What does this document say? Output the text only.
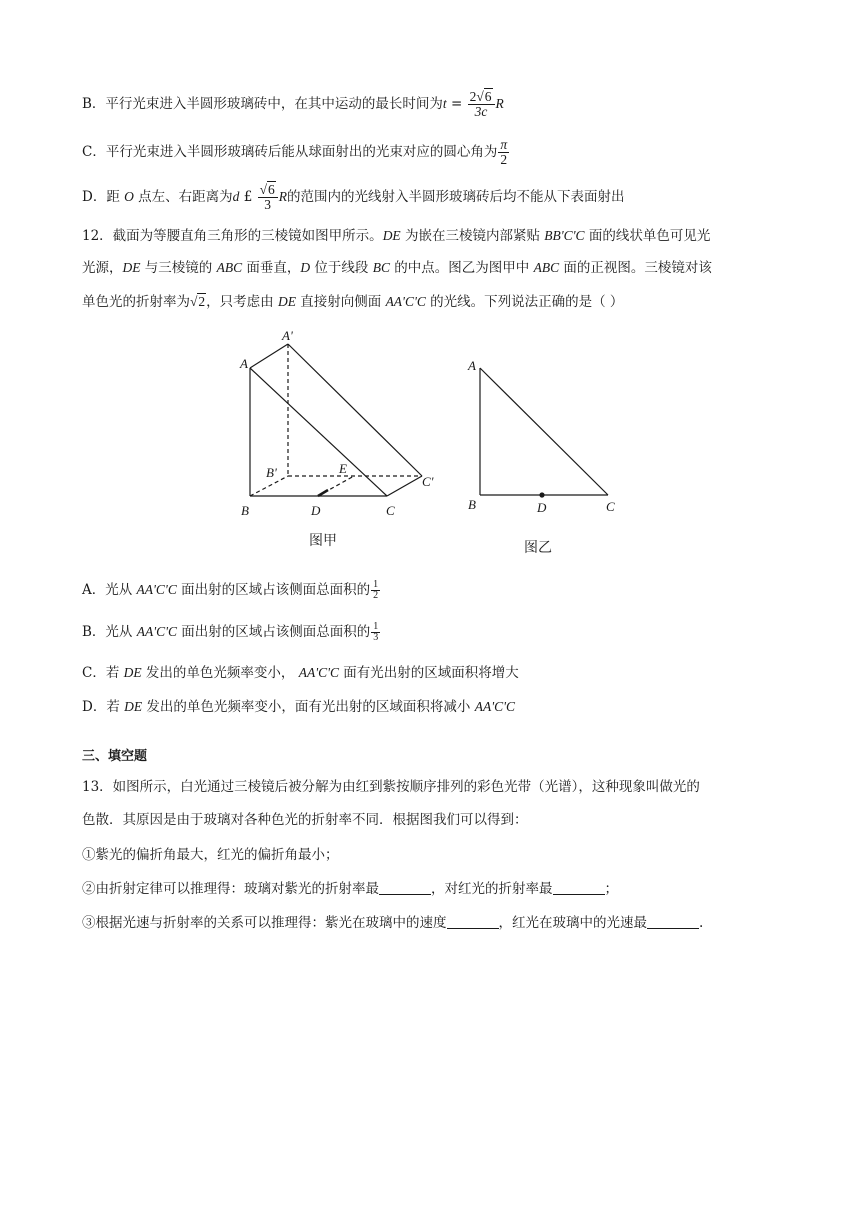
B．平行光束进入半圆形玻璃砖中，在其中运动的最长时间为$t = \frac{2√6}{3c}$ R
C．平行光束进入半圆形玻璃砖后能从球面射出的光束对应的圆心角为 $\frac{\pi}{2}$
D．距 O 点左、右距离为d £ $\frac{√6}{3}$ R的范围内的光线射入半圆形玻璃砖后均不能从下表面射出
12．截面为等腰直角三角形的三棱镜如图甲所示。DE 为嵌在三棱镜内部紧贴 BB'C'C 面的线状单色可见光
光源，DE 与三棱镜的 ABC 面垂直，D 位于线段 BC 的中点。图乙为图甲中 ABC 面的正视图。三棱镜对该
单色光的折射率为√2，只考虑由 DE 直接射向侧面 AA'C'C 的光线。下列说法正确的是（ ）
A
A'
B'
B	D
E
C
C'
图甲
A
B	D	C
图乙
A．光从 AA'C'C 面出射的区域占该侧面总面积的 $\frac{1}{2}$
B．光从 AA'C'C 面出射的区域占该侧面总面积的 $\frac{1}{3}$
C．若 DE 发出的单色光频率变小， AA'C'C 面有光出射的区域面积将增大
D．若 DE 发出的单色光频率变小，面有光出射的区域面积将减小 AA'C'C
三、填空题
13．如图所示，白光通过三棱镜后被分解为由红到紫按顺序排列的彩色光带（光谱），这种现象叫做光的
色散．其原因是由于玻璃对各种色光的折射率不同．根据图我们可以得到：
①紫光的偏折角最大，红光的偏折角最小；
②由折射定律可以推理得：玻璃对紫光的折射率最	，对红光的折射率最	；
③根据光速与折射率的关系可以推理得：紫光在玻璃中的速度	，红光在玻璃中的光速最	.
